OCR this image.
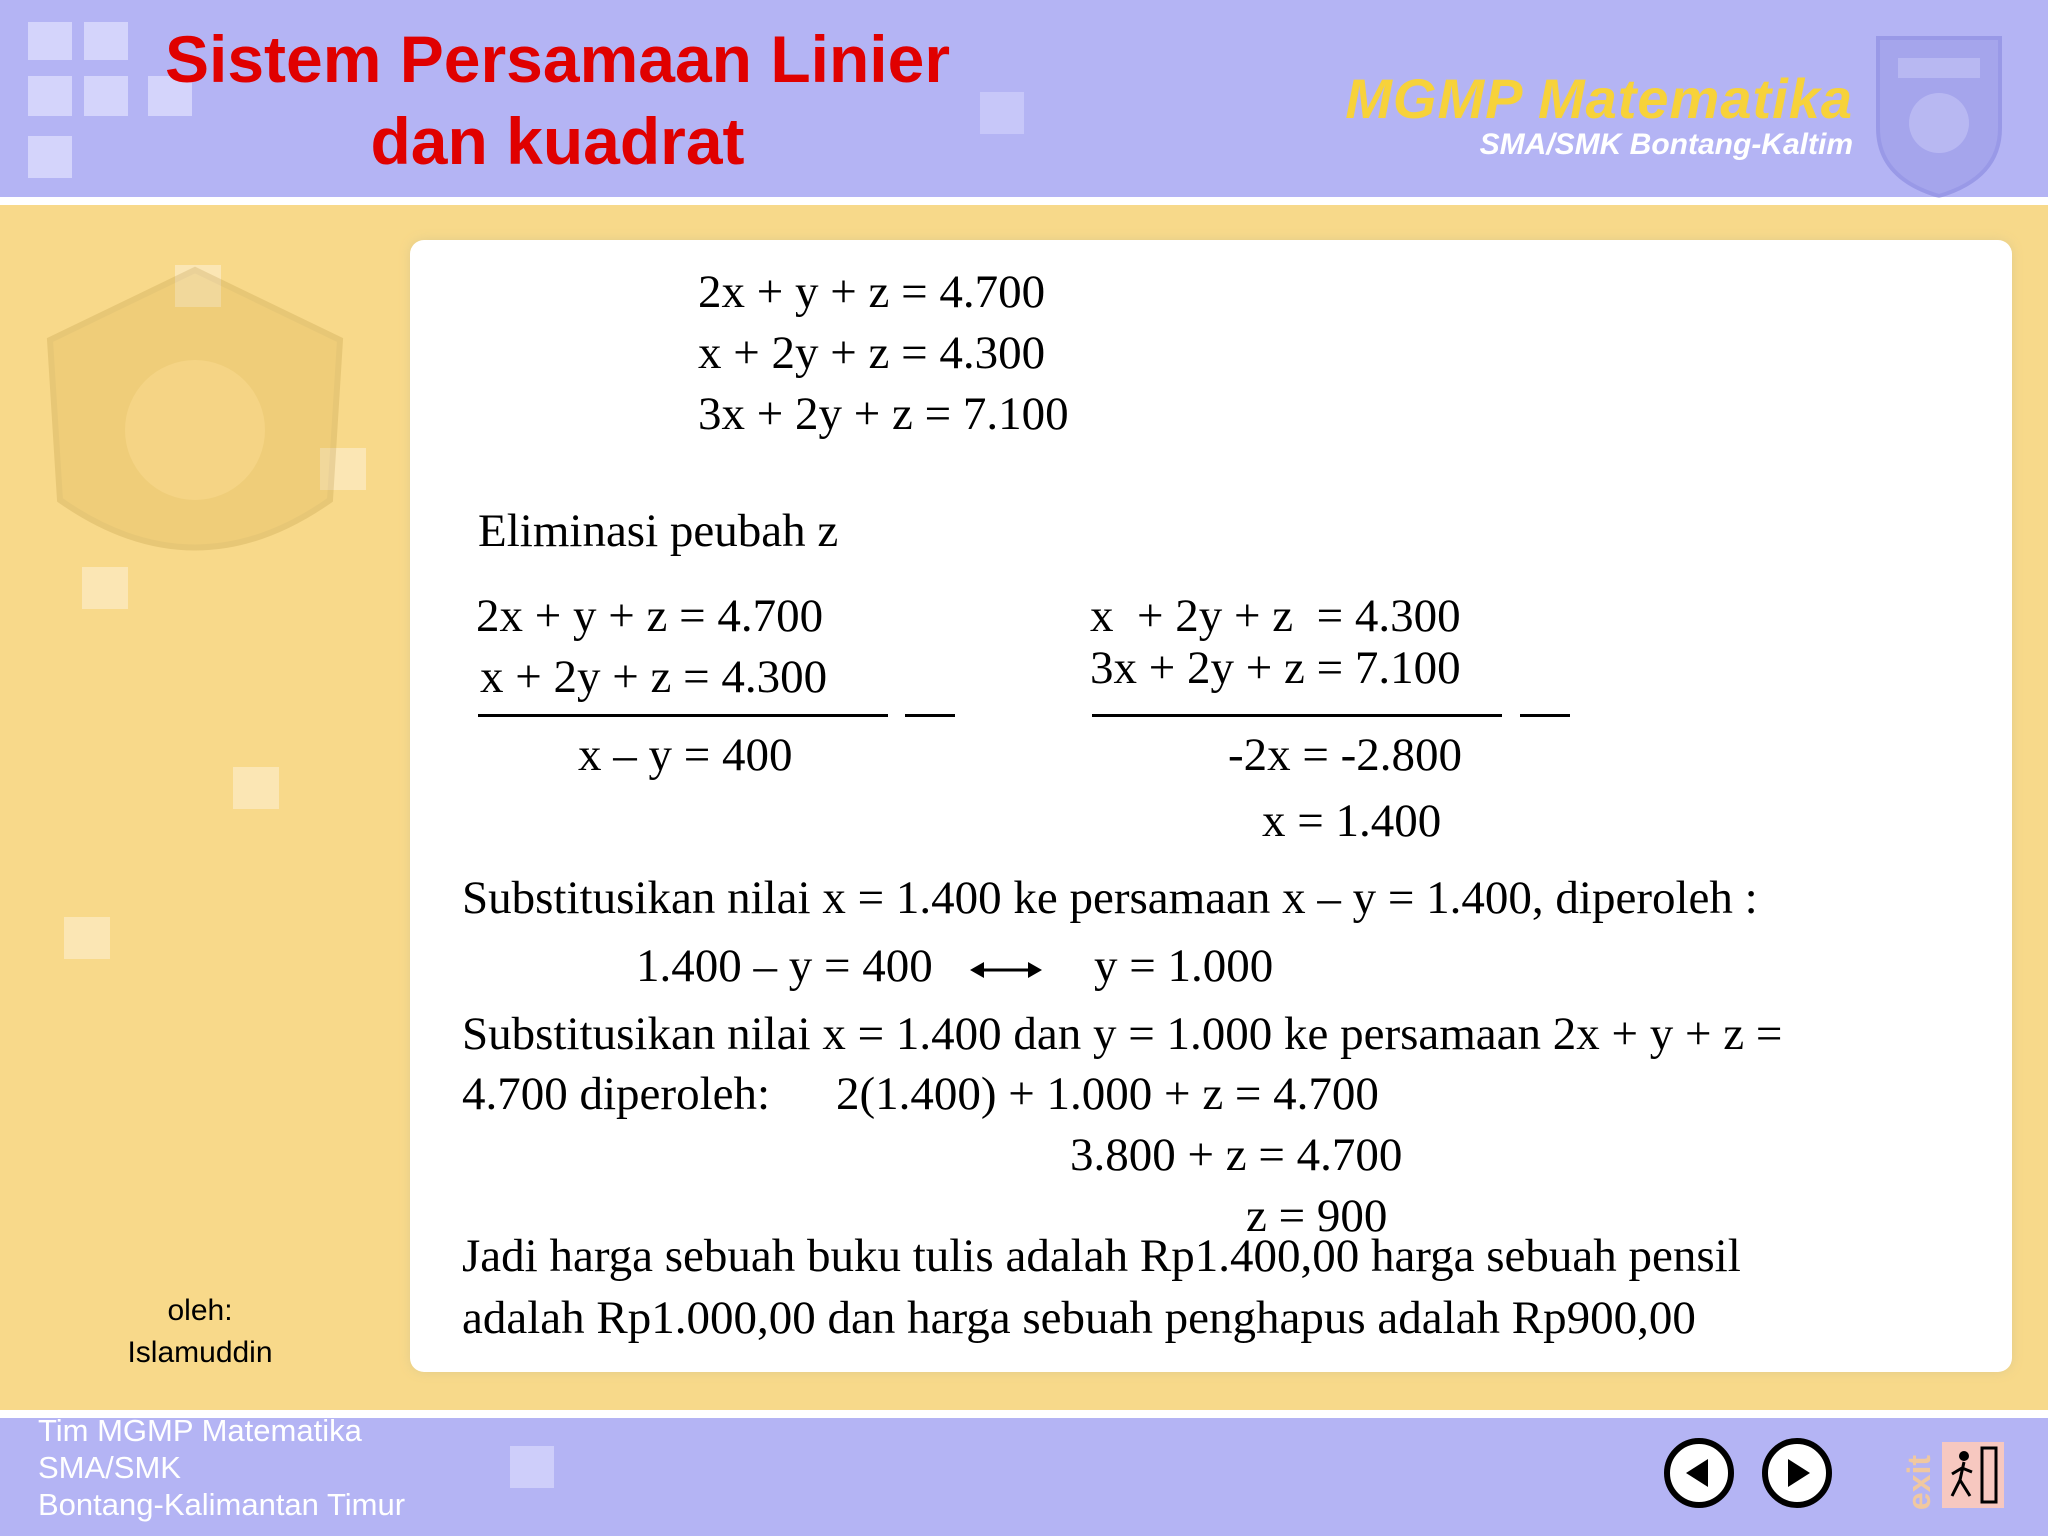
Sistem Persamaan Linier
dan kuadrat
MGMP Matematika
SMA/SMK Bontang-Kaltim
oleh:
Islamuddin
2x + y + z = 4.700
x + 2y + z = 4.300
3x + 2y + z = 7.100
Eliminasi peubah z
2x + y + z = 4.700
x + 2y + z = 4.300
x – y = 400
x  + 2y + z  = 4.300
3x + 2y + z = 7.100
-2x = -2.800
x = 1.400
Substitusikan nilai x = 1.400 ke persamaan x – y = 1.400, diperoleh :
1.400 – y = 400	y = 1.000
Substitusikan nilai x = 1.400 dan y = 1.000 ke persamaan 2x + y + z =
4.700 diperoleh: 2(1.400) + 1.000 + z = 4.700
3.800 + z = 4.700
z = 900
Jadi harga sebuah buku tulis adalah Rp1.400,00 harga sebuah pensil
adalah Rp1.000,00 dan harga sebuah penghapus adalah Rp900,00
Tim MGMP Matematika
SMA/SMK
Bontang-Kalimantan Timur	exit
